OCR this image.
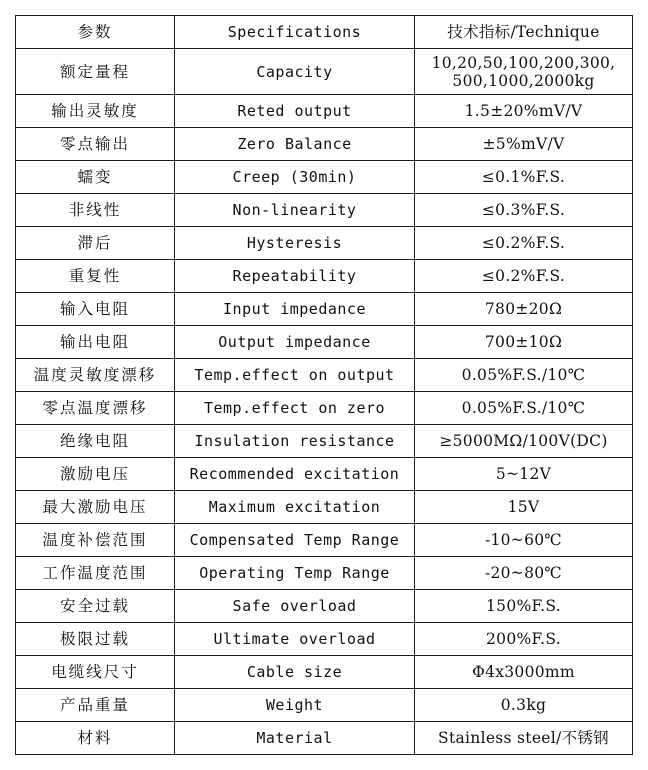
参数	Specifications	技术指标/Technique
额定量程	Capacity	10,20,50,100,200,300,
500,1000,2000kg
输出灵敏度	Reted output	1.5±20%mV/V
零点输出	Zero Balance	±5%mV/V
蠕变	Creep (30min)	≤0.1%F.S.
非线性	Non-linearity	≤0.3%F.S.
滞后	Hysteresis	≤0.2%F.S.
重复性	Repeatability	≤0.2%F.S.
输入电阻	Input impedance	780±20Ω
输出电阻	Output impedance	700±10Ω
温度灵敏度漂移	Temp.effect on output	0.05%F.S./10℃
零点温度漂移	Temp.effect on zero	0.05%F.S./10℃
绝缘电阻	Insulation resistance	≥5000MΩ/100V(DC)
激励电压	Recommended excitation	5~12V
最大激励电压	Maximum excitation	15V
温度补偿范围	Compensated Temp Range	-10~60℃
工作温度范围	Operating Temp Range	-20~80℃
安全过载	Safe overload	150%F.S.
极限过载	Ultimate overload	200%F.S.
电缆线尺寸	Cable size	Φ4x3000mm
产品重量	Weight	0.3kg
材料	Material	Stainless steel/不锈钢
